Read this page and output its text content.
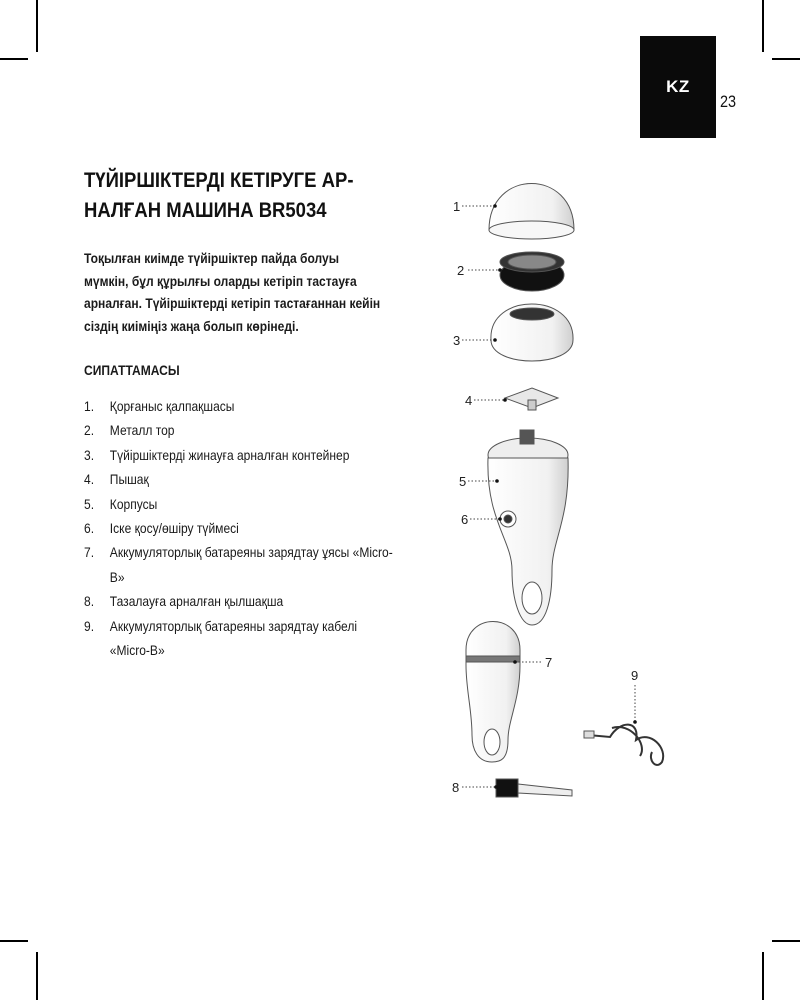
KZ
23
ТҮЙІРШІКТЕРДІ КЕТІРУГЕ АР-
НАЛҒАН МАШИНА BR5034
Тоқылған киімде түйіршіктер пайда болуы мүмкін, бұл құрылғы оларды кетіріп тастауға арналған. Түйіршіктерді кетіріп тастағаннан кейін сіздің киіміңіз жаңа болып көрінеді.
СИПАТТАМАСЫ
1.	Қорғаныс қалпақшасы
2.	Металл тор
3.	Түйіршіктерді жинауға арналған контейнер
4.	Пышақ
5.	Корпусы
6.	Іске қосу/өшіру түймесі
7.	Аккумуляторлық батареяны зарядтау ұясы «Micro-B»
8.	Тазалауға арналған қылшақша
9.	Аккумуляторлық батареяны зарядтау кабелі «Micro-B»
1
2
3
4
5
6
7
8
9
